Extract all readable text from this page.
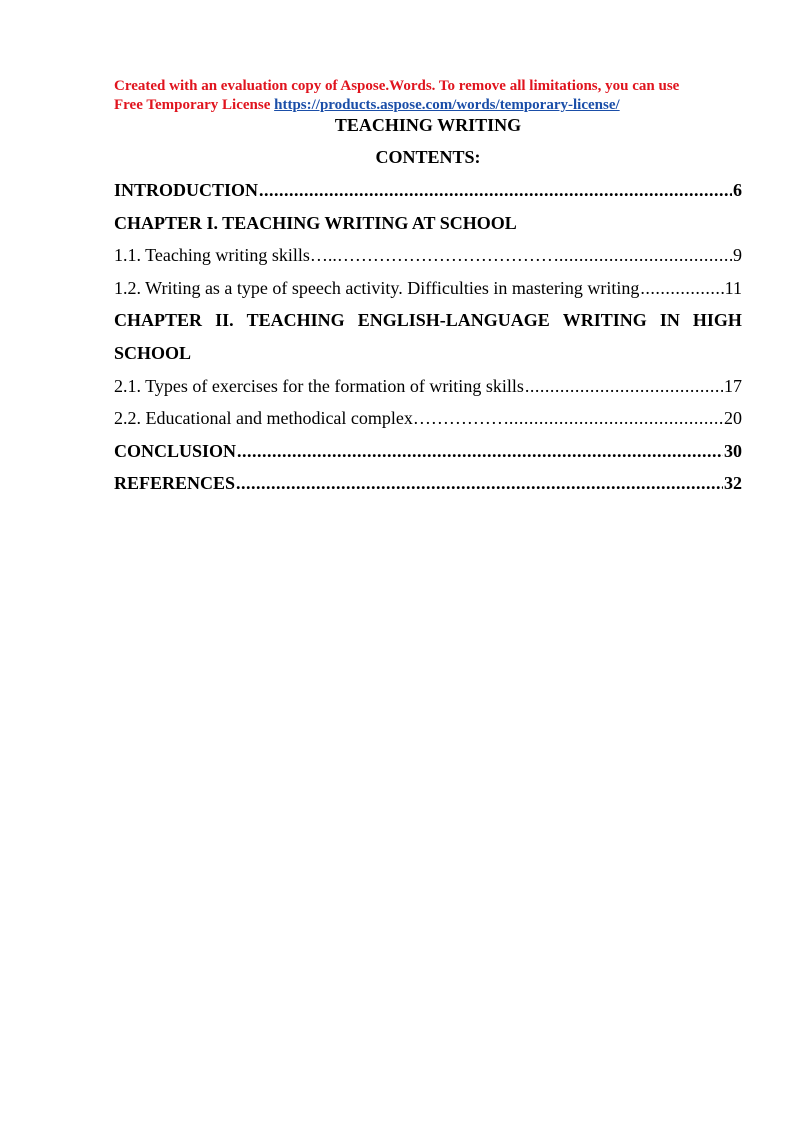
Created with an evaluation copy of Aspose.Words. To remove all limitations, you can use
Free Temporary License https://products.aspose.com/words/temporary-license/
TEACHING WRITING
CONTENTS:
INTRODUCTION .....	6
CHAPTER I. TEACHING WRITING AT SCHOOL
1.1. Teaching writing skills…..……………………………… .....	9
1.2. Writing as a type of speech activity. Difficulties in mastering writing .....	11
CHAPTER II. TEACHING ENGLISH-LANGUAGE WRITING IN HIGH
SCHOOL
2.1. Types of exercises for the formation of writing skills .....	17
2.2. Educational and methodical complex…………… .....	20
CONCLUSION .....	30
REFERENCES .....	32
